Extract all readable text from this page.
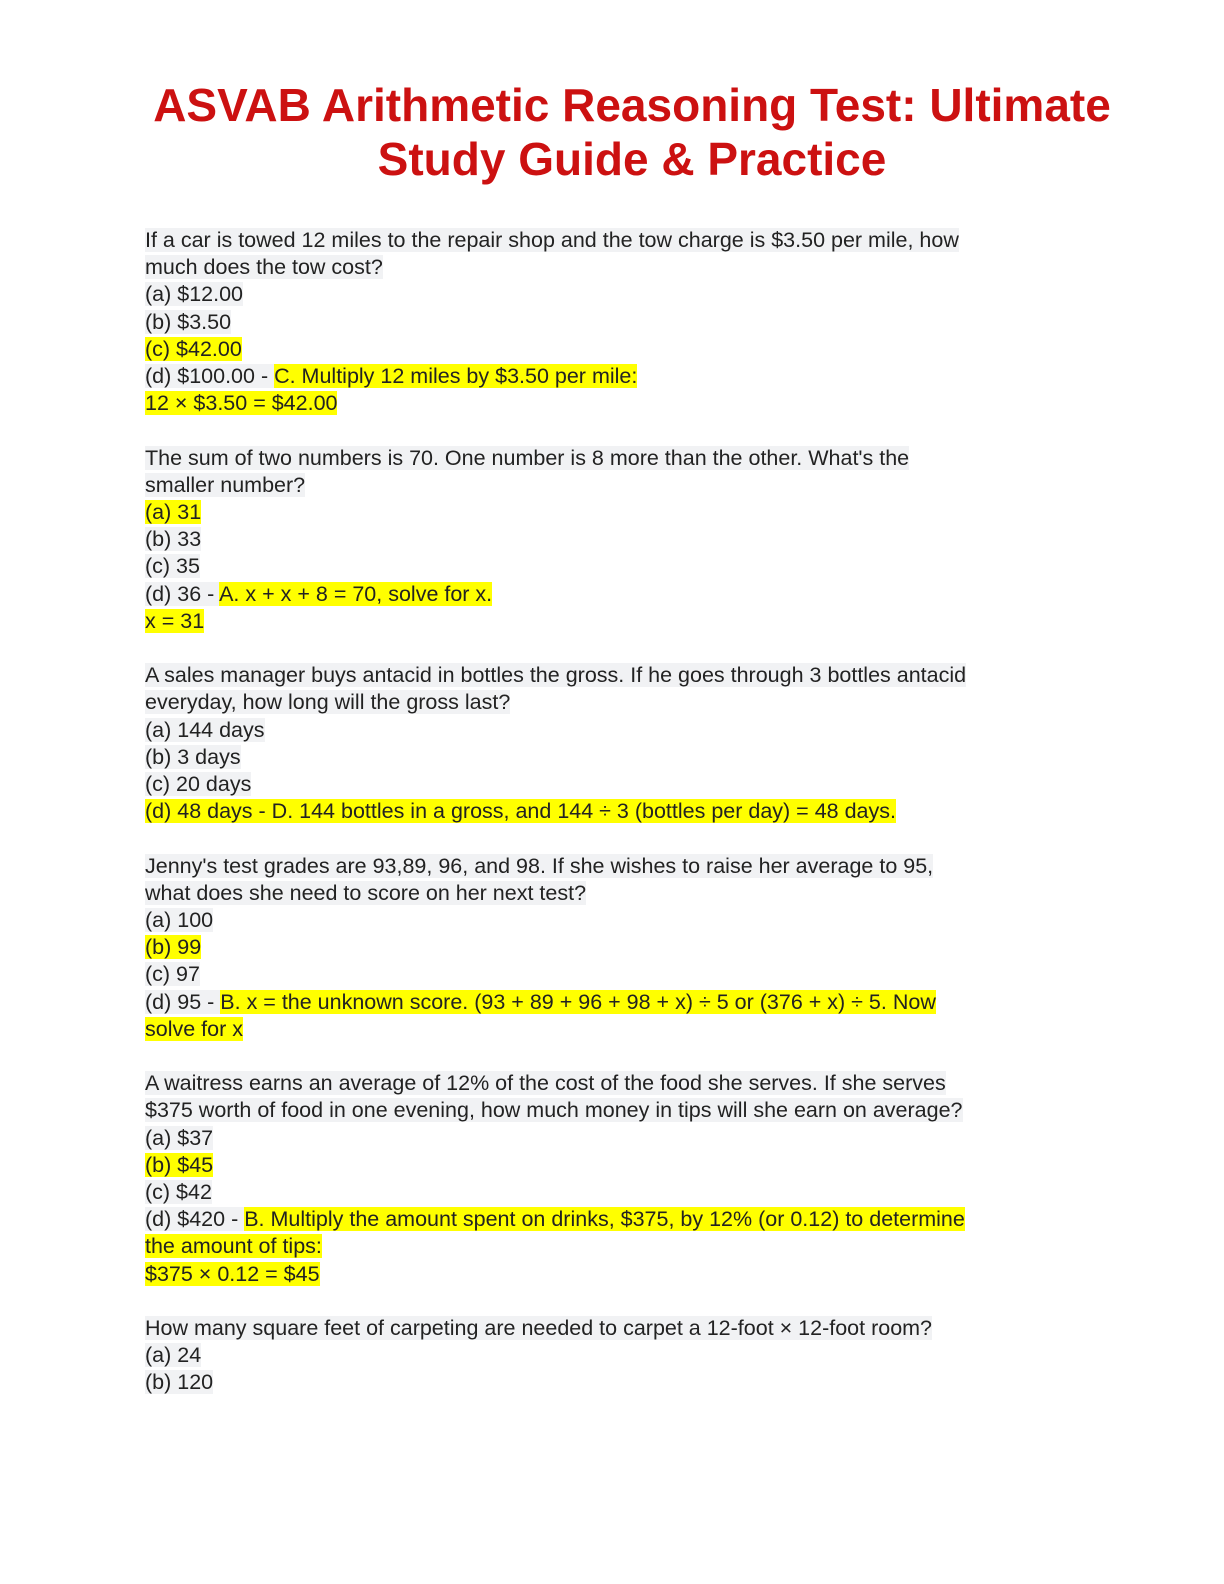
ASVAB Arithmetic Reasoning Test: Ultimate
Study Guide & Practice
If a car is towed 12 miles to the repair shop and the tow charge is $3.50 per mile, how
much does the tow cost?
(a) $12.00
(b) $3.50
(c) $42.00
(d) $100.00 - C. Multiply 12 miles by $3.50 per mile:
12 × $3.50 = $42.00
The sum of two numbers is 70. One number is 8 more than the other. What's the
smaller number?
(a) 31
(b) 33
(c) 35
(d) 36 - A. x + x + 8 = 70, solve for x.
x = 31
A sales manager buys antacid in bottles the gross. If he goes through 3 bottles antacid
everyday, how long will the gross last?
(a) 144 days
(b) 3 days
(c) 20 days
(d) 48 days - D. 144 bottles in a gross, and 144 ÷ 3 (bottles per day) = 48 days.
Jenny's test grades are 93,89, 96, and 98. If she wishes to raise her average to 95,
what does she need to score on her next test?
(a) 100
(b) 99
(c) 97
(d) 95 - B. x = the unknown score. (93 + 89 + 96 + 98 + x) ÷ 5 or (376 + x) ÷ 5. Now
solve for x
A waitress earns an average of 12% of the cost of the food she serves. If she serves
$375 worth of food in one evening, how much money in tips will she earn on average?
(a) $37
(b) $45
(c) $42
(d) $420 - B. Multiply the amount spent on drinks, $375, by 12% (or 0.12) to determine
the amount of tips:
$375 × 0.12 = $45
How many square feet of carpeting are needed to carpet a 12-foot × 12-foot room?
(a) 24
(b) 120
